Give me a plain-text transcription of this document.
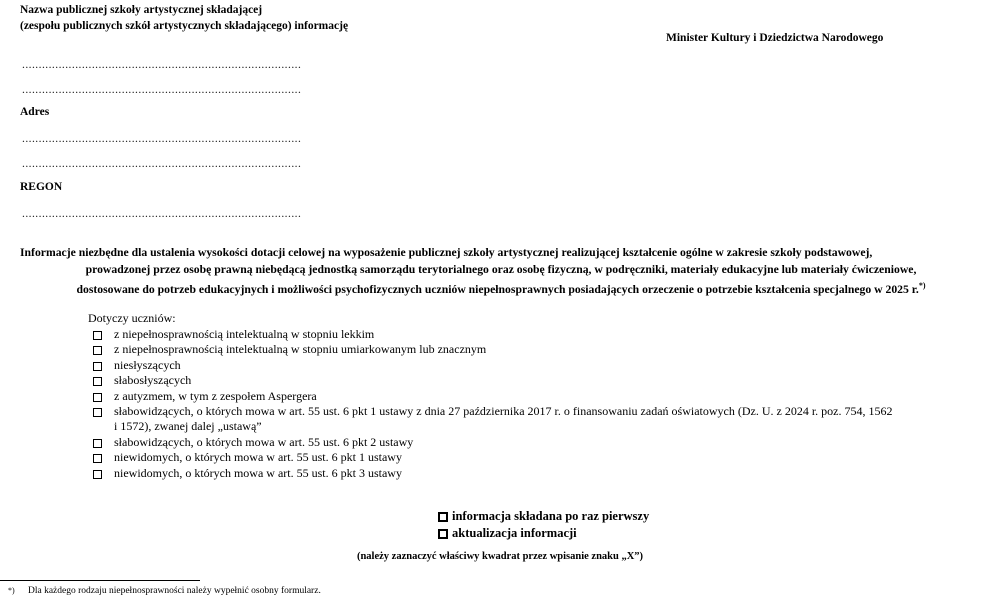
Nazwa publicznej szkoły artystycznej składającej
(zespołu publicznych szkół artystycznych składającego) informację
Minister Kultury i Dziedzictwa Narodowego
....................................................................................
....................................................................................
Adres
....................................................................................
....................................................................................
REGON
....................................................................................
Informacje niezbędne dla ustalenia wysokości dotacji celowej na wyposażenie publicznej szkoły artystycznej realizującej kształcenie ogólne w zakresie szkoły podstawowej,
prowadzonej przez osobę prawną niebędącą jednostką samorządu terytorialnego oraz osobę fizyczną, w podręczniki, materiały edukacyjne lub materiały ćwiczeniowe,
dostosowane do potrzeb edukacyjnych i możliwości psychofizycznych uczniów niepełnosprawnych posiadających orzeczenie o potrzebie kształcenia specjalnego w 2025 r.*)
Dotyczy uczniów:
z niepełnosprawnością intelektualną w stopniu lekkim
z niepełnosprawnością intelektualną w stopniu umiarkowanym lub znacznym
niesłyszących
słabosłyszących
z autyzmem, w tym z zespołem Aspergera
słabowidzących, o których mowa w art. 55 ust. 6 pkt 1 ustawy z dnia 27 października 2017 r. o finansowaniu zadań oświatowych (Dz. U. z 2024 r. poz. 754, 1562
i 1572), zwanej dalej „ustawą”
słabowidzących, o których mowa w art. 55 ust. 6 pkt 2 ustawy
niewidomych, o których mowa w art. 55 ust. 6 pkt 1 ustawy
niewidomych, o których mowa w art. 55 ust. 6 pkt 3 ustawy
informacja składana po raz pierwszy
aktualizacja informacji
(należy zaznaczyć właściwy kwadrat przez wpisanie znaku „X”)
*) Dla każdego rodzaju niepełnosprawności należy wypełnić osobny formularz.
